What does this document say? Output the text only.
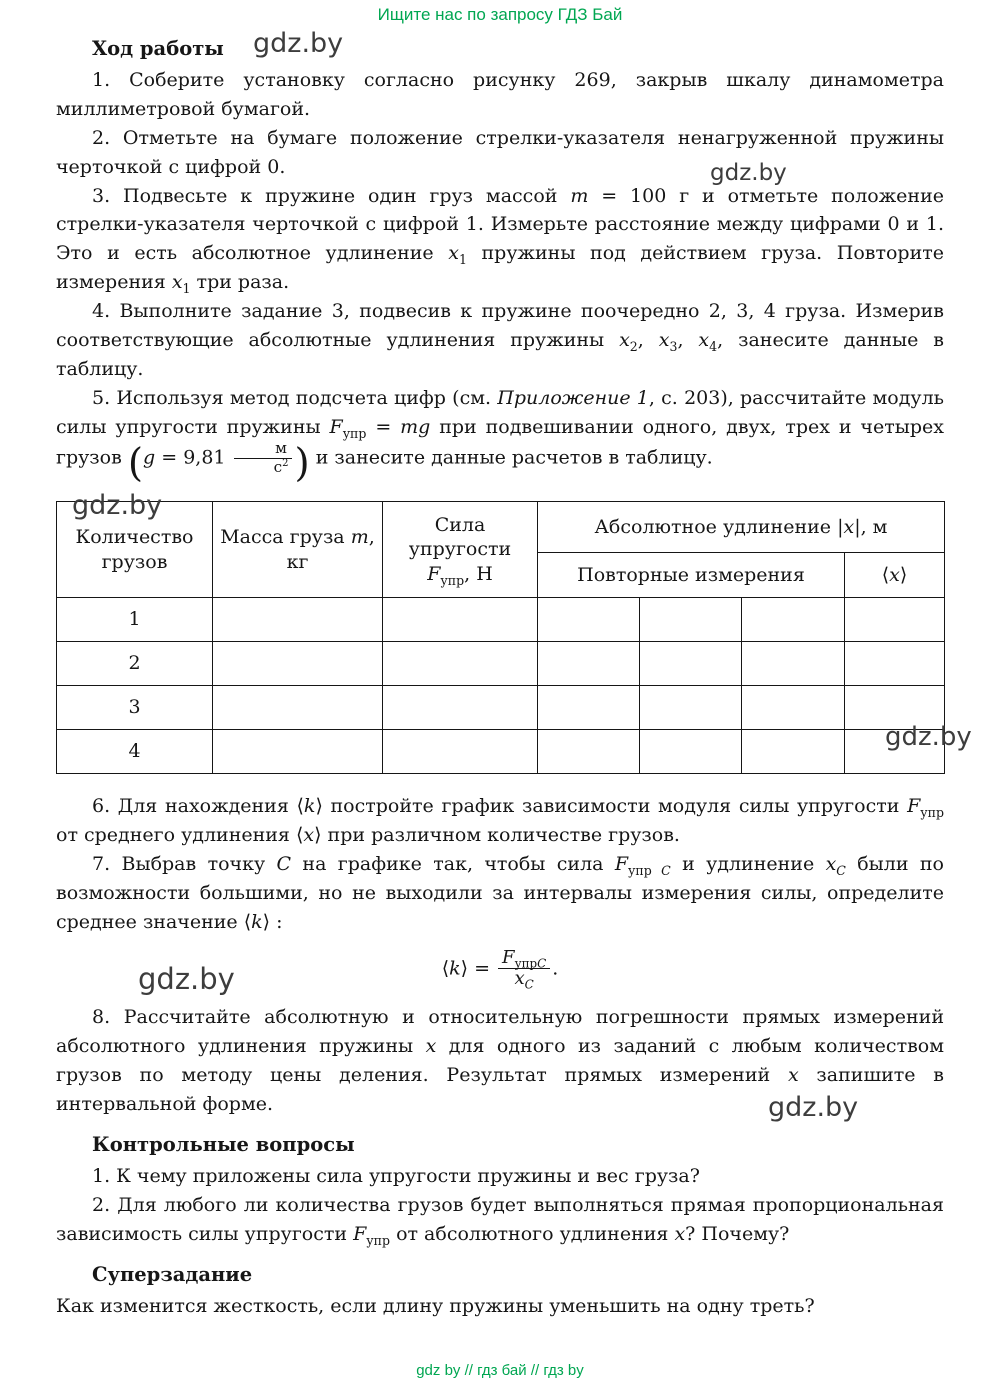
Ищите нас по запросу ГДЗ Бай
gdz.by
gdz.by
gdz.by
gdz.by
gdz.by
gdz.by
Ход работы

1. Соберите установку согласно рисунку 269, закрыв шкалу динамометра миллиметровой бумагой.

2. Отметьте на бумаге положение стрелки-указателя ненагруженной пружины черточкой с цифрой 0.

3. Подвесьте к пружине один груз массой m = 100 г и отметьте положение стрелки-указателя черточкой с цифрой 1. Измерьте расстояние между цифрами 0 и 1. Это и есть абсолютное удлинение $x_1$ пружины под действием груза. Повторите измерения $x_1$ три раза.

4. Выполните задание 3, подвесив к пружине поочередно 2, 3, 4 груза. Измерив соответствующие абсолютные удлинения пружины $x_2$, $x_3$, $x_4$, занесите данные в таблицу.

5. Используя метод подсчета цифр (см. Приложение 1, с. 203), рассчитайте модуль силы упругости пружины $F_{упр}$ = mg при подвешивании одного, двух, трех и четырех грузов ($g = 9,81 \frac{м}{с^2}$ ) и занесите данные расчетов в таблицу.

Количество грузов	Масса груза m, кг	Сила упругости $F_{упр}$, Н	Абсолютное удлинение |x|, м			
			Повторные измерения			⟨x⟩
1						
2						
3						
4						

6. Для нахождения ⟨k⟩ постройте график зависимости модуля силы упругости $F_{упр}$ от среднего удлинения ⟨x⟩ при различном количестве грузов.

7. Выбрав точку C на графике так, чтобы сила $F_{упр}$ $_C$ и удлинение $x_C$ были по возможности большими, но не выходили за интервалы измерения силы, определите среднее значение ⟨k⟩ :

⟨k⟩ = $\frac{F_{упрC}}{x_C}$ .

8. Рассчитайте абсолютную и относительную погрешности прямых измерений абсолютного удлинения пружины x для одного из заданий с любым количеством грузов по методу цены деления. Результат прямых измерений x запишите в интервальной форме.

Контрольные вопросы

1. К чему приложены сила упругости пружины и вес груза?

2. Для любого ли количества грузов будет выполняться прямая пропорциональная зависимость силы упругости $F_{упр}$ от абсолютного удлинения x? Почему?

Суперзадание

Как изменится жесткость, если длину пружины уменьшить на одну треть?

gdz by // гдз бай // гдз by
